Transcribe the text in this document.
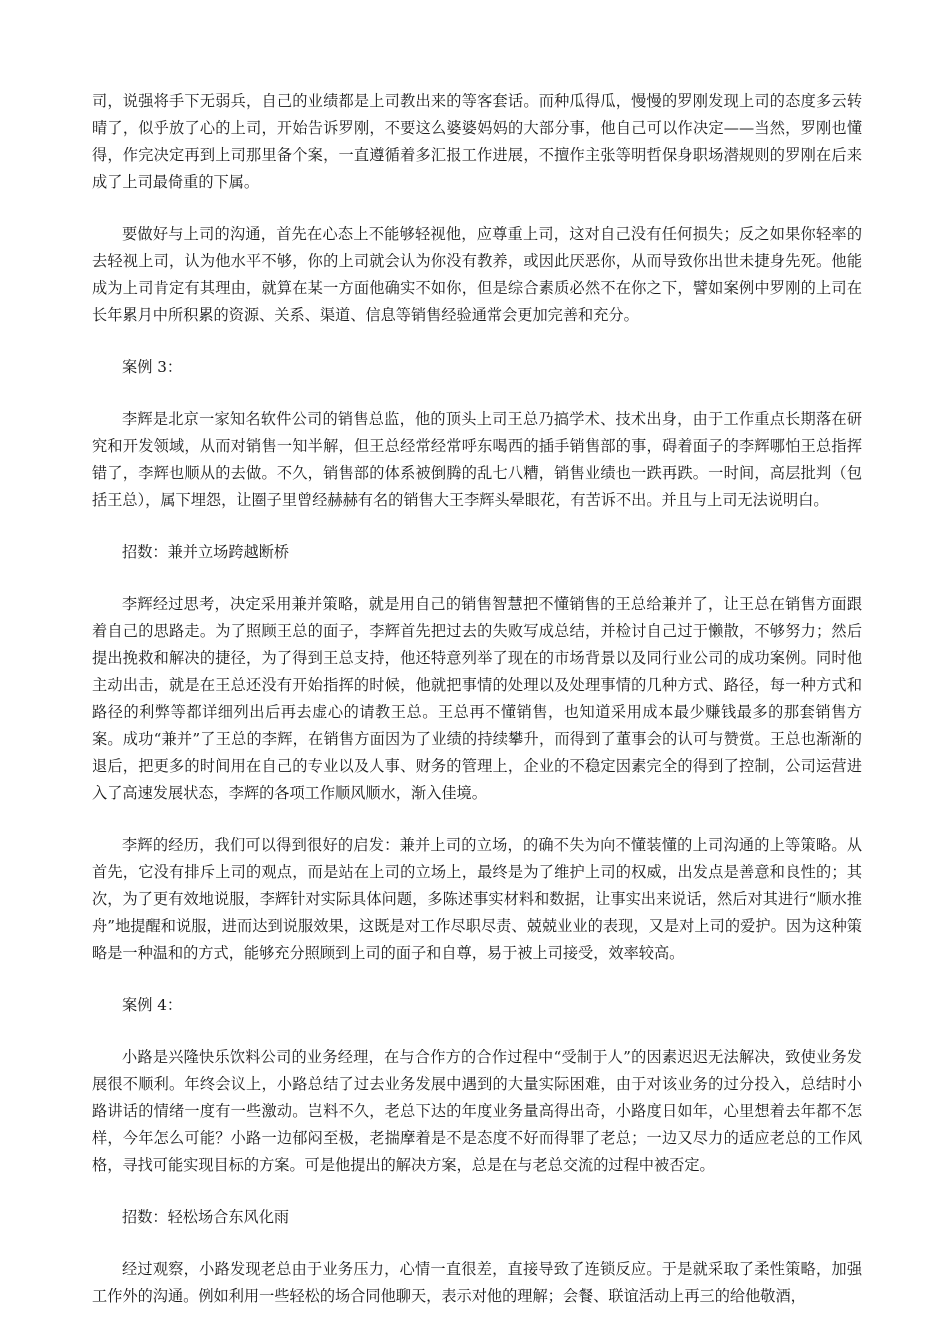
司，说强将手下无弱兵，自己的业绩都是上司教出来的等客套话。而种瓜得瓜，慢慢的罗刚发现上司的态度多云转晴了，似乎放了心的上司，开始告诉罗刚，不要这么婆婆妈妈的大部分事，他自己可以作决定——当然，罗刚也懂得，作完决定再到上司那里备个案，一直遵循着多汇报工作进展，不擅作主张等明哲保身职场潜规则的罗刚在后来成了上司最倚重的下属。

要做好与上司的沟通，首先在心态上不能够轻视他，应尊重上司，这对自己没有任何损失；反之如果你轻率的去轻视上司，认为他水平不够，你的上司就会认为你没有教养，或因此厌恶你，从而导致你出世未捷身先死。他能成为上司肯定有其理由，就算在某一方面他确实不如你，但是综合素质必然不在你之下，譬如案例中罗刚的上司在长年累月中所积累的资源、关系、渠道、信息等销售经验通常会更加完善和充分。

案例 3：

李辉是北京一家知名软件公司的销售总监，他的顶头上司王总乃搞学术、技术出身，由于工作重点长期落在研究和开发领域，从而对销售一知半解，但王总经常经常呼东喝西的插手销售部的事，碍着面子的李辉哪怕王总指挥错了，李辉也顺从的去做。不久，销售部的体系被倒腾的乱七八糟，销售业绩也一跌再跌。一时间，高层批判（包括王总），属下埋怨，让圈子里曾经赫赫有名的销售大王李辉头晕眼花，有苦诉不出。并且与上司无法说明白。

招数：兼并立场跨越断桥

李辉经过思考，决定采用兼并策略，就是用自己的销售智慧把不懂销售的王总给兼并了，让王总在销售方面跟着自己的思路走。为了照顾王总的面子，李辉首先把过去的失败写成总结，并检讨自己过于懒散，不够努力；然后提出挽救和解决的捷径，为了得到王总支持，他还特意列举了现在的市场背景以及同行业公司的成功案例。同时他主动出击，就是在王总还没有开始指挥的时候，他就把事情的处理以及处理事情的几种方式、路径，每一种方式和路径的利弊等都详细列出后再去虚心的请教王总。王总再不懂销售，也知道采用成本最少赚钱最多的那套销售方案。成功“兼并”了王总的李辉，在销售方面因为了业绩的持续攀升，而得到了董事会的认可与赞赏。王总也渐渐的退后，把更多的时间用在自己的专业以及人事、财务的管理上，企业的不稳定因素完全的得到了控制，公司运营进入了高速发展状态，李辉的各项工作顺风顺水，渐入佳境。

李辉的经历，我们可以得到很好的启发：兼并上司的立场，的确不失为向不懂装懂的上司沟通的上等策略。从首先，它没有排斥上司的观点，而是站在上司的立场上，最终是为了维护上司的权威，出发点是善意和良性的；其次，为了更有效地说服，李辉针对实际具体问题，多陈述事实材料和数据，让事实出来说话，然后对其进行“顺水推舟”地提醒和说服，进而达到说服效果，这既是对工作尽职尽责、兢兢业业的表现，又是对上司的爱护。因为这种策略是一种温和的方式，能够充分照顾到上司的面子和自尊，易于被上司接受，效率较高。

案例 4：

小路是兴隆快乐饮料公司的业务经理，在与合作方的合作过程中“受制于人”的因素迟迟无法解决，致使业务发展很不顺利。年终会议上，小路总结了过去业务发展中遇到的大量实际困难，由于对该业务的过分投入，总结时小路讲话的情绪一度有一些激动。岂料不久，老总下达的年度业务量高得出奇，小路度日如年，心里想着去年都不怎样，今年怎么可能？小路一边郁闷至极，老揣摩着是不是态度不好而得罪了老总；一边又尽力的适应老总的工作风格，寻找可能实现目标的方案。可是他提出的解决方案，总是在与老总交流的过程中被否定。

招数：轻松场合东风化雨

经过观察，小路发现老总由于业务压力，心情一直很差，直接导致了连锁反应。于是就采取了柔性策略，加强工作外的沟通。例如利用一些轻松的场合同他聊天，表示对他的理解；会餐、联谊活动上再三的给他敬酒，
